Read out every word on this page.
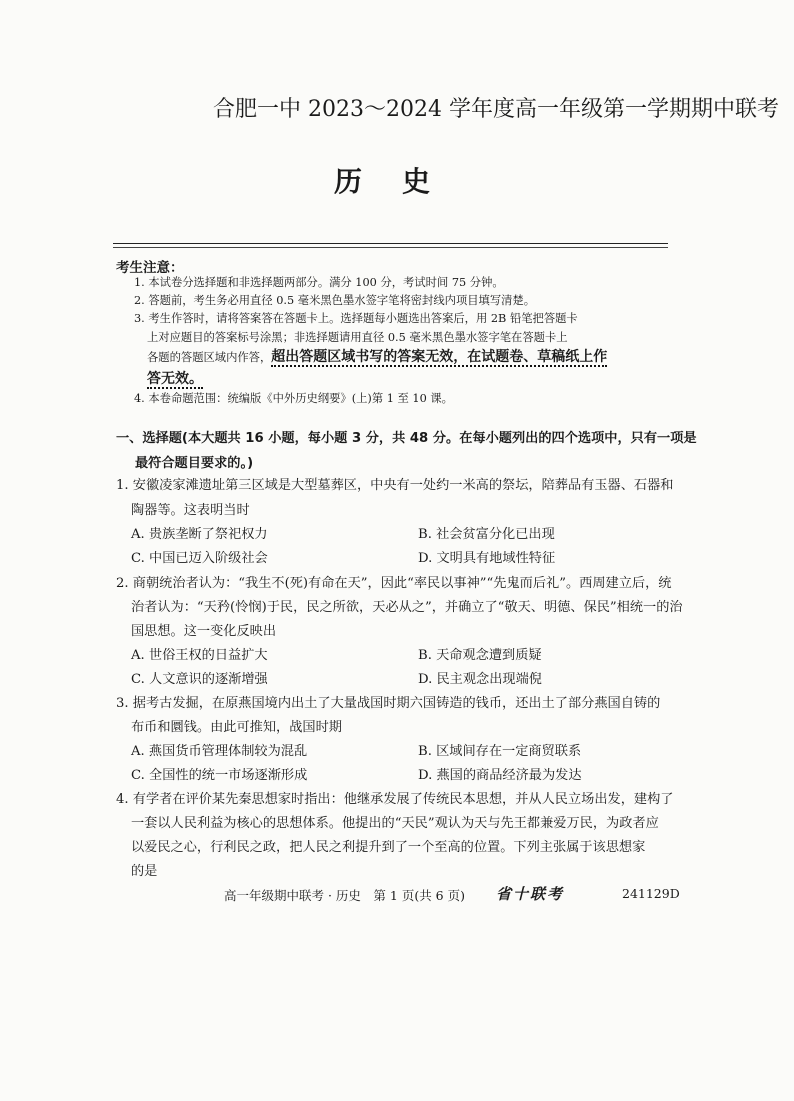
合肥一中 2023～2024 学年度高一年级第一学期期中联考
历史
考生注意：
1. 本试卷分选择题和非选择题两部分。满分 100 分，考试时间 75 分钟。
2. 答题前，考生务必用直径 0.5 毫米黑色墨水签字笔将密封线内项目填写清楚。
3. 考生作答时，请将答案答在答题卡上。选择题每小题选出答案后，用 2B 铅笔把答题卡
上对应题目的答案标号涂黑；非选择题请用直径 0.5 毫米黑色墨水签字笔在答题卡上
各题的答题区域内作答，超出答题区域书写的答案无效，在试题卷、草稿纸上作
答无效。
4. 本卷命题范围：统编版《中外历史纲要》(上)第 1 至 10 课。
一、选择题(本大题共 16 小题，每小题 3 分，共 48 分。在每小题列出的四个选项中，只有一项是
最符合题目要求的。)
1. 安徽凌家滩遗址第三区域是大型墓葬区，中央有一处约一米高的祭坛，陪葬品有玉器、石器和
陶器等。这表明当时
A. 贵族垄断了祭祀权力	B. 社会贫富分化已出现
C. 中国已迈入阶级社会	D. 文明具有地域性特征
2. 商朝统治者认为：“我生不(死)有命在天”，因此“率民以事神”“先鬼而后礼”。西周建立后，统
治者认为：“天矜(怜悯)于民，民之所欲，天必从之”，并确立了“敬天、明德、保民”相统一的治
国思想。这一变化反映出
A. 世俗王权的日益扩大	B. 天命观念遭到质疑
C. 人文意识的逐渐增强	D. 民主观念出现端倪
3. 据考古发掘，在原燕国境内出土了大量战国时期六国铸造的钱币，还出土了部分燕国自铸的
布币和圜钱。由此可推知，战国时期
A. 燕国货币管理体制较为混乱	B. 区域间存在一定商贸联系
C. 全国性的统一市场逐渐形成	D. 燕国的商品经济最为发达
4. 有学者在评价某先秦思想家时指出：他继承发展了传统民本思想，并从人民立场出发，建构了
一套以人民利益为核心的思想体系。他提出的“天民”观认为天与先王都兼爱万民，为政者应
以爱民之心，行利民之政，把人民之利提升到了一个至高的位置。下列主张属于该思想家
的是
高一年级期中联考 · 历史　第 1 页(共 6 页) 省十联考	241129D
